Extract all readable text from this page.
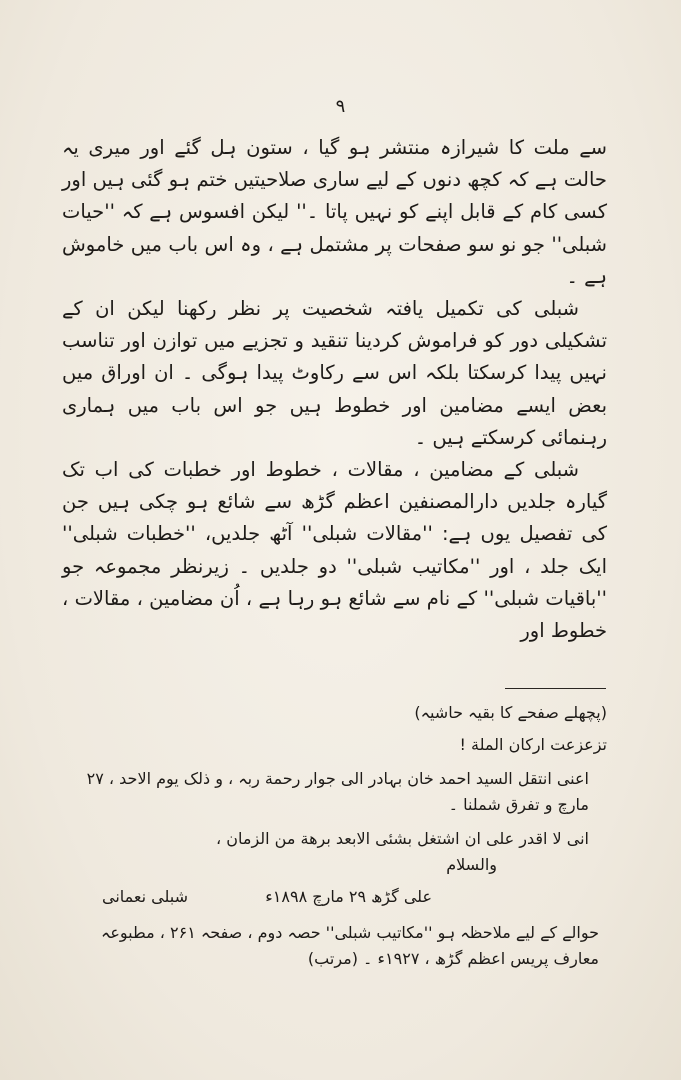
۹

سے ملت کا شیرازہ منتشر ہو گیا ، ستون ہل گئے اور میری یہ حالت ہے کہ کچھ دنوں کے لیے ساری صلاحیتیں ختم ہو گئی ہیں اور کسی کام کے قابل اپنے کو نہیں پاتا ۔'' لیکن افسوس ہے کہ ''حیات شبلی'' جو نو سو صفحات پر مشتمل ہے ، وہ اس باب میں خاموش ہے ۔

شبلی کی تکمیل یافتہ شخصیت پر نظر رکھنا لیکن ان کے تشکیلی دور کو فراموش کردینا تنقید و تجزیے میں توازن اور تناسب نہیں پیدا کرسکتا بلکہ اس سے رکاوٹ پیدا ہوگی ۔ ان اوراق میں بعض ایسے مضامین اور خطوط ہیں جو اس باب میں ہماری رہنمائی کرسکتے ہیں ۔

شبلی کے مضامین ، مقالات ، خطوط اور خطبات کی اب تک گیارہ جلدیں دارالمصنفین اعظم گڑھ سے شائع ہو چکی ہیں جن کی تفصیل یوں ہے: ''مقالات شبلی'' آٹھ جلدیں، ''خطبات شبلی'' ایک جلد ، اور ''مکاتیب شبلی'' دو جلدیں ۔ زیرنظر مجموعہ جو ''باقیات شبلی'' کے نام سے شائع ہو رہا ہے ، اُن مضامین ، مقالات ، خطوط اور

(پچھلے صفحے کا بقیہ حاشیہ)

تزعزعت ارکان الملة !

اعنی انتقل السید احمد خان بہادر الی جوار رحمة ربہ ، و ذلک یوم الاحد ، ۲۷ مارچ و تفرق شملنا ۔

انی لا اقدر علی ان اشتغل بشئی الابعد برھة من الزمان ،

والسلام

علی گڑھ ۲۹ مارچ ۱۸۹۸ء
شبلی نعمانی

حوالے کے لیے ملاحظہ ہو ''مکاتیب شبلی'' حصہ دوم ، صفحہ ۲۶۱ ، مطبوعہ معارف پریس اعظم گڑھ ، ۱۹۲۷ء ۔ (مرتب)
